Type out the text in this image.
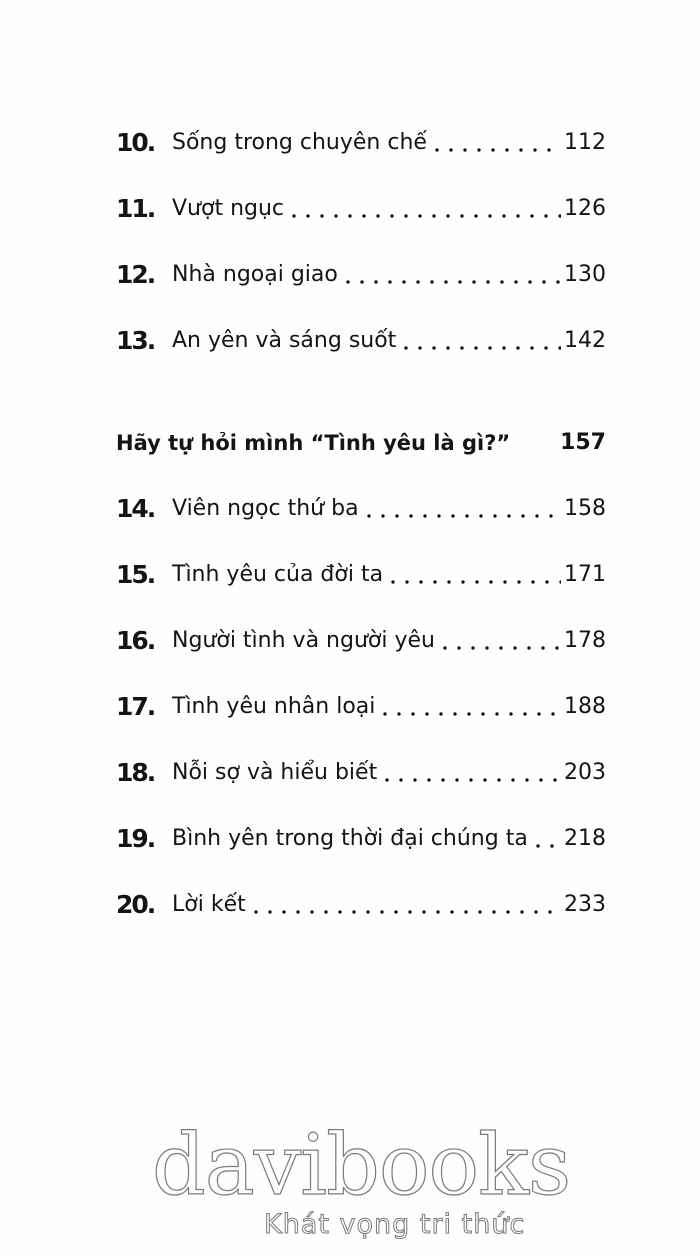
10. Sống trong chuyên chế	112
11. Vượt ngục	126
12. Nhà ngoại giao	130
13. An yên và sáng suốt	142
Hãy tự hỏi mình “Tình yêu là gì?” 157
14. Viên ngọc thứ ba	158
15. Tình yêu của đời ta	171
16. Người tình và người yêu	178
17. Tình yêu nhân loại	188
18. Nỗi sợ và hiểu biết	203
19. Bình yên trong thời đại chúng ta 218
20. Lời kết	233
davibooks
Khát vọng tri thức
